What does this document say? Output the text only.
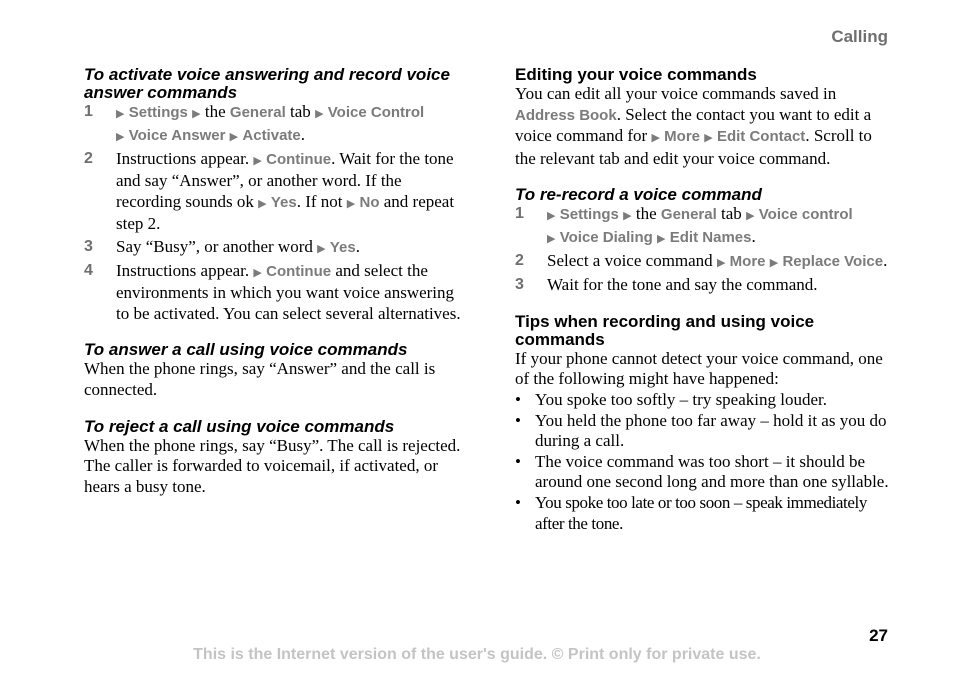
Calling
To activate voice answering and record voice answer commands
1 ▶ Settings ▶ the General tab ▶ Voice Control
▶ Voice Answer ▶ Activate.
2 Instructions appear. ▶ Continue. Wait for the tone and say “Answer”, or another word. If the recording sounds ok ▶ Yes. If not ▶ No and repeat step 2.
3 Say “Busy”, or another word ▶ Yes.
4 Instructions appear. ▶ Continue and select the environments in which you want voice answering to be activated. You can select several alternatives.
To answer a call using voice commands

When the phone rings, say “Answer” and the call is connected.

To reject a call using voice commands

When the phone rings, say “Busy”. The call is rejected. The caller is forwarded to voicemail, if activated, or hears a busy tone.

Editing your voice commands

You can edit all your voice commands saved in Address Book. Select the contact you want to edit a voice command for ▶ More ▶ Edit Contact. Scroll to the relevant tab and edit your voice command.

To re-record a voice command
1 ▶ Settings ▶ the General tab ▶ Voice control
▶ Voice Dialing ▶ Edit Names.
2 Select a voice command ▶ More ▶ Replace Voice.
3 Wait for the tone and say the command.
Tips when recording and using voice commands

If your phone cannot detect your voice command, one of the following might have happened:

• You spoke too softly – try speaking louder.
• You held the phone too far away – hold it as you do during a call.
• The voice command was too short – it should be around one second long and more than one syllable.
• You spoke too late or too soon – speak immediately after the tone.
27
This is the Internet version of the user's guide. © Print only for private use.
